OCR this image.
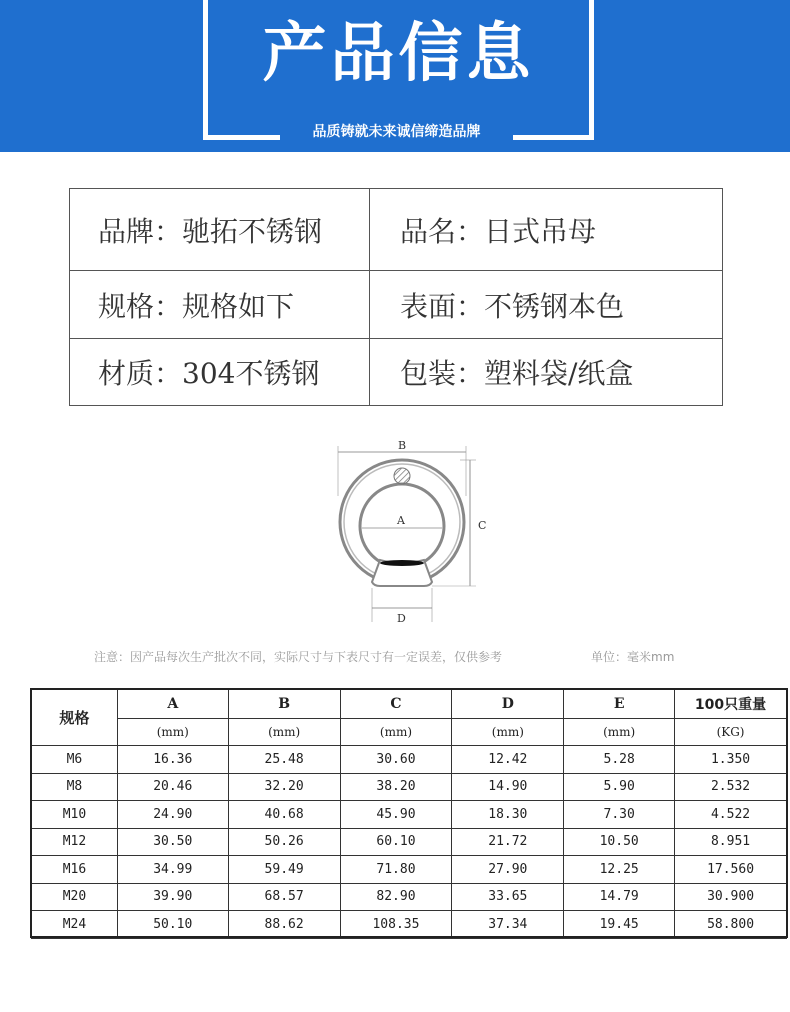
产品信息
品质铸就未来诚信缔造品牌
品牌：驰拓不锈钢	品名：日式吊母
规格：规格如下	表面：不锈钢本色
材质：304不锈钢	包装：塑料袋/纸盒
B
A	C
D
注意：因产品每次生产批次不同，实际尺寸与下表尺寸有一定误差，仅供参考	单位：毫米mm
规格	A	B	C	D	E	100只重量
	(mm)	(mm)	(mm)	(mm)	(mm)	(KG)
M6	16.36	25.48	30.60	12.42	5.28	1.350
M8	20.46	32.20	38.20	14.90	5.90	2.532
M10	24.90	40.68	45.90	18.30	7.30	4.522
M12	30.50	50.26	60.10	21.72	10.50	8.951
M16	34.99	59.49	71.80	27.90	12.25	17.560
M20	39.90	68.57	82.90	33.65	14.79	30.900
M24	50.10	88.62	108.35	37.34	19.45	58.800
